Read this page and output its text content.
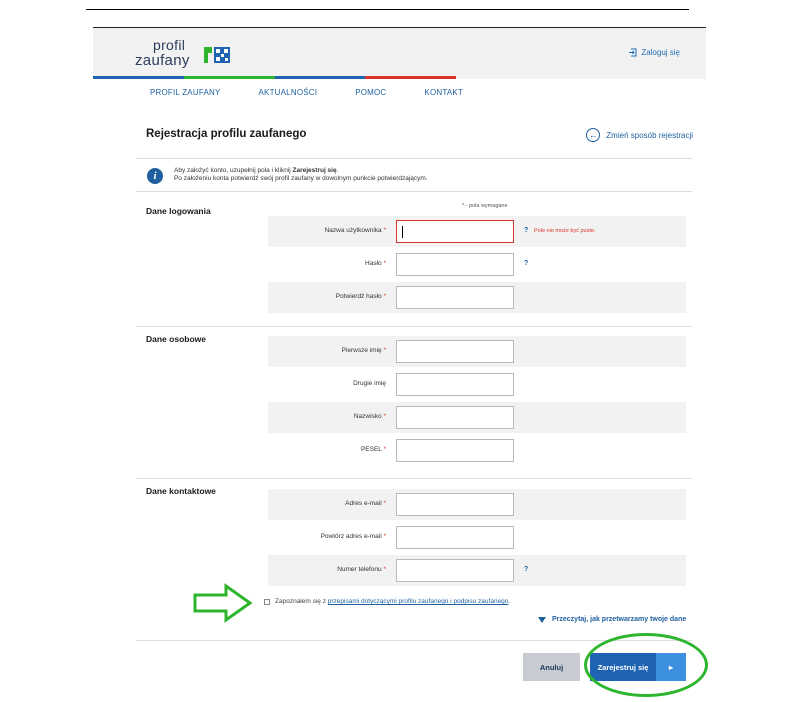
profil
zaufany	Zaloguj się
PROFIL ZAUFANY	AKTUALNOŚCI	POMOC	KONTAKT
Rejestracja profilu zaufanego	←	Zmień sposób rejestracji
i	Aby założyć konto, uzupełnij pola i kliknij Zarejestruj się.
Po założeniu konta potwierdź swój profil zaufany w dowolnym punkcie potwierdzającym.
* - pola wymagane
Dane logowania
Nazwa użytkownika *	? Pole nie może być puste.
Hasło *	?
Potwierdź hasło *
Dane osobowe
Pierwsze imię *
Drugie imię
Nazwisko *
PESEL *
Dane kontaktowe
Adres e-mail *
Powtórz adres e-mail *
Numer telefonu *	?
Zapoznałem się z przepisami dotyczącymi profilu zaufanego i podpisu zaufanego.
Przeczytaj, jak przetwarzamy twoje dane
Anuluj	Zarejestruj się	▸
